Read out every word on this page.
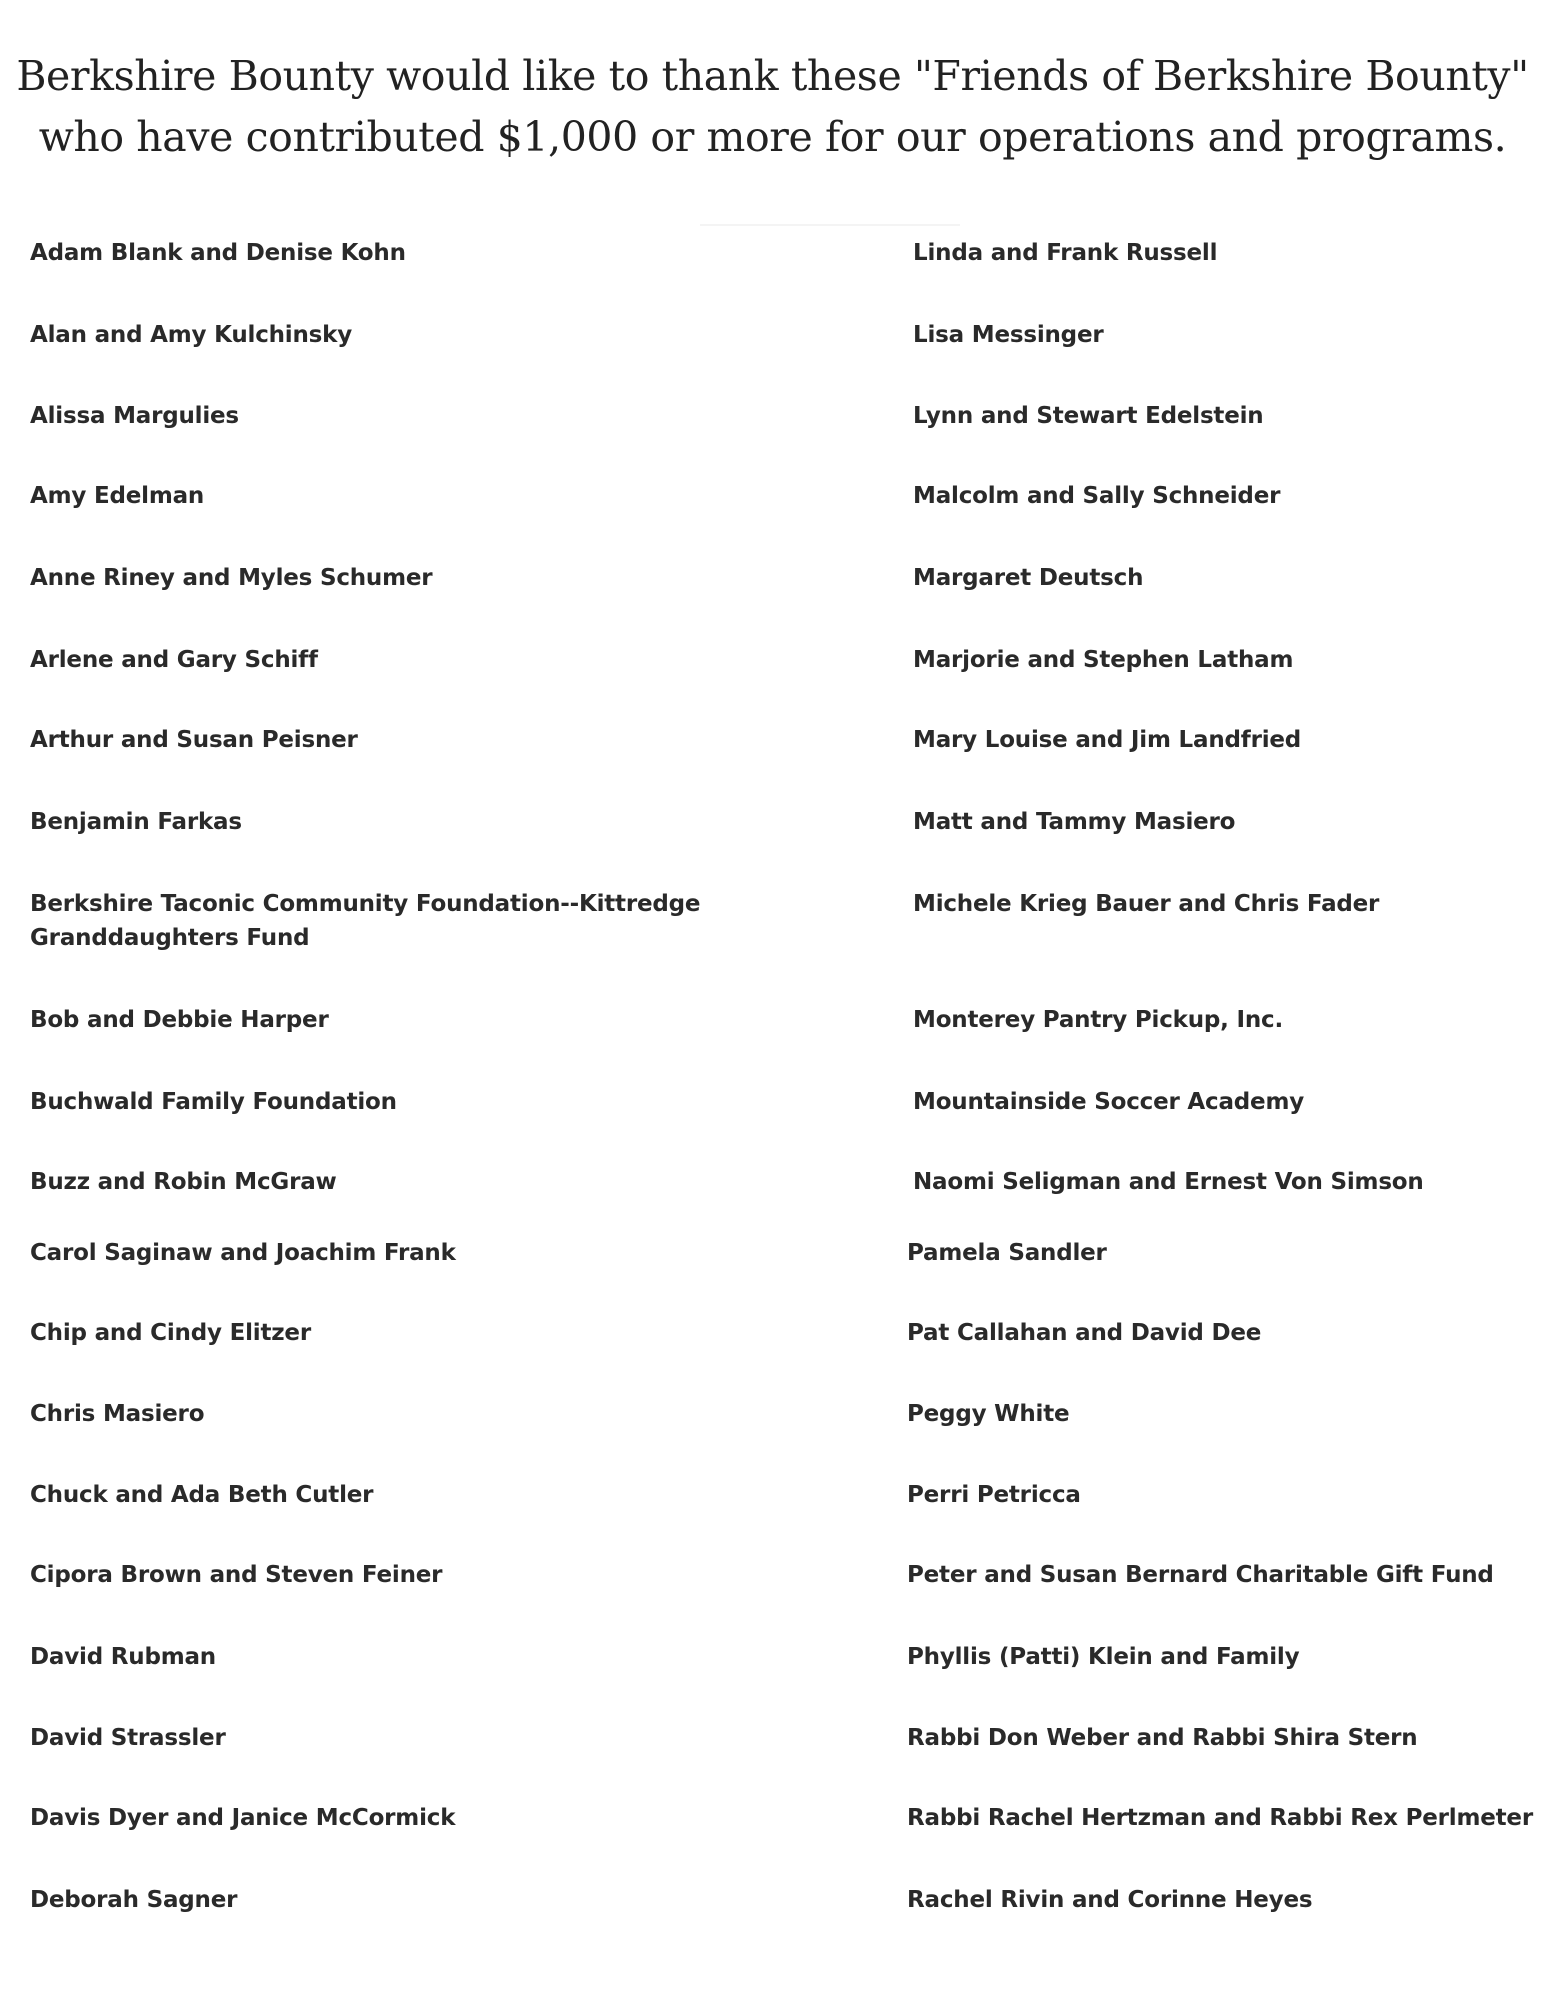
Berkshire Bounty would like to thank these "Friends of Berkshire Bounty"
who have contributed $1,000 or more for our operations and programs.
Adam Blank and Denise Kohn
Alan and Amy Kulchinsky
Alissa Margulies
Amy Edelman
Anne Riney and Myles Schumer
Arlene and Gary Schiff
Arthur and Susan Peisner
Benjamin Farkas
Berkshire Taconic Community Foundation--Kittredge Granddaughters Fund
Bob and Debbie Harper
Buchwald Family Foundation
Buzz and Robin McGraw
Carol Saginaw and Joachim Frank
Chip and Cindy Elitzer
Chris Masiero
Chuck and Ada Beth Cutler
Cipora Brown and Steven Feiner
David Rubman
David Strassler
Davis Dyer and Janice McCormick
Deborah Sagner
Linda and Frank Russell
Lisa Messinger
Lynn and Stewart Edelstein
Malcolm and Sally Schneider
Margaret Deutsch
Marjorie and Stephen Latham
Mary Louise and Jim Landfried
Matt and Tammy Masiero
Michele Krieg Bauer and Chris Fader
Monterey Pantry Pickup, Inc.
Mountainside Soccer Academy
Naomi Seligman and Ernest Von Simson
Pamela Sandler
Pat Callahan and David Dee
Peggy White
Perri Petricca
Peter and Susan Bernard Charitable Gift Fund
Phyllis (Patti) Klein and Family
Rabbi Don Weber and Rabbi Shira Stern
Rabbi Rachel Hertzman and Rabbi Rex Perlmeter
Rachel Rivin and Corinne Heyes
